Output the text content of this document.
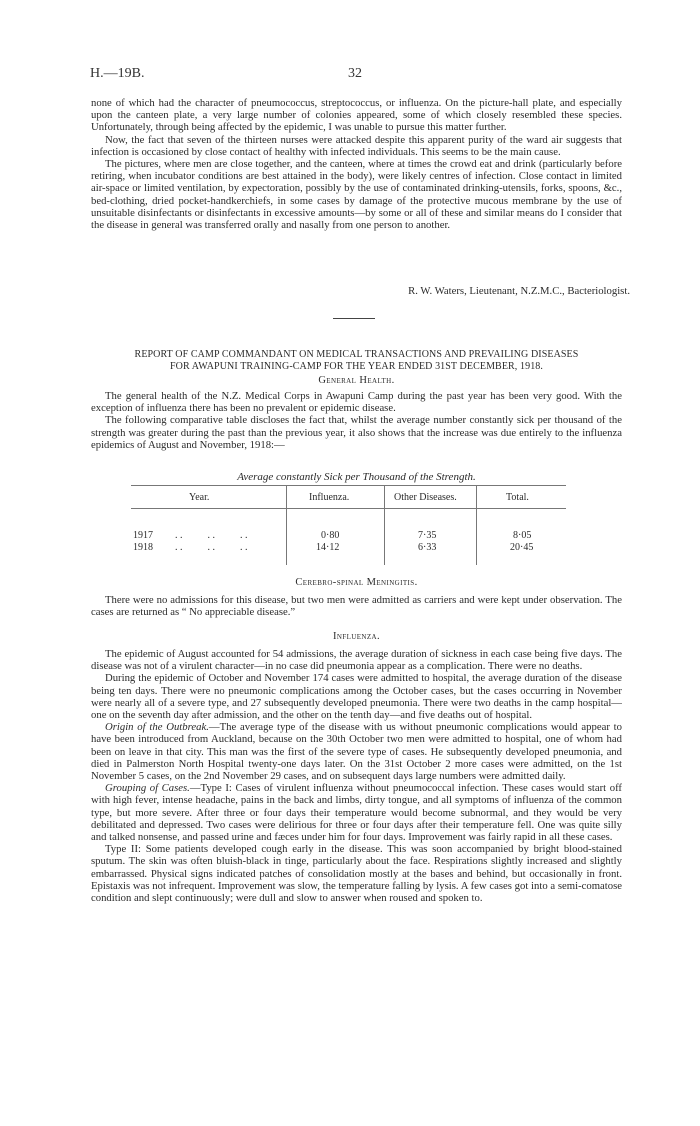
H.—19B.	32

none of which had the character of pneumococcus, streptococcus, or influenza. On the picture-hall plate, and especially upon the canteen plate, a very large number of colonies appeared, some of which closely resembled these species. Unfortunately, through being affected by the epidemic, I was unable to pursue this matter further.

Now, the fact that seven of the thirteen nurses were attacked despite this apparent purity of the ward air suggests that infection is occasioned by close contact of healthy with infected individuals. This seems to be the main cause.

The pictures, where men are close together, and the canteen, where at times the crowd eat and drink (particularly before retiring, when incubator conditions are best attained in the body), were likely centres of infection. Close contact in limited air-space or limited ventilation, by expectoration, possibly by the use of contaminated drinking-utensils, forks, spoons, &c., bed-clothing, dried pocket-handkerchiefs, in some cases by damage of the protective mucous membrane by the use of unsuitable disinfectants or disinfectants in excessive amounts—by some or all of these and similar means do I consider that the disease in general was transferred orally and nasally from one person to another.

R. W. Waters, Lieutenant, N.Z.M.C., Bacteriologist.
REPORT OF CAMP COMMANDANT ON MEDICAL TRANSACTIONS AND PREVAILING DISEASES
FOR AWAPUNI TRAINING-CAMP FOR THE YEAR ENDED 31ST DECEMBER, 1918.
General Health.

The general health of the N.Z. Medical Corps in Awapuni Camp during the past year has been very good. With the exception of influenza there has been no prevalent or epidemic disease.

The following comparative table discloses the fact that, whilst the average number constantly sick per thousand of the strength was greater during the past than the previous year, it also shows that the increase was due entirely to the influenza epidemics of August and November, 1918:—

Average constantly Sick per Thousand of the Strength.
Year.	Influenza.	Other Diseases.	Total.
1917 . .          . .          . .	0·80	7·35	8·05
1918 . .          . .          . .	14·12	6·33	20·45
Cerebro-spinal Meningitis.

There were no admissions for this disease, but two men were admitted as carriers and were kept under observation. The cases are returned as “ No appreciable disease.”

Influenza.

The epidemic of August accounted for 54 admissions, the average duration of sickness in each case being five days. The disease was not of a virulent character—in no case did pneumonia appear as a complication. There were no deaths.

During the epidemic of October and November 174 cases were admitted to hospital, the average duration of the disease being ten days. There were no pneumonic complications among the October cases, but the cases occurring in November were nearly all of a severe type, and 27 subsequently developed pneumonia. There were two deaths in the camp hospital—one on the seventh day after admission, and the other on the tenth day—and five deaths out of hospital.

Origin of the Outbreak.—The average type of the disease with us without pneumonic complications would appear to have been introduced from Auckland, because on the 30th October two men were admitted to hospital, one of whom had been on leave in that city. This man was the first of the severe type of cases. He subsequently developed pneumonia, and died in Palmerston North Hospital twenty-one days later. On the 31st October 2 more cases were admitted, on the 1st November 5 cases, on the 2nd November 29 cases, and on subsequent days large numbers were admitted daily.

Grouping of Cases.—Type I: Cases of virulent influenza without pneumococcal infection. These cases would start off with high fever, intense headache, pains in the back and limbs, dirty tongue, and all symptoms of influenza of the common type, but more severe. After three or four days their temperature would become subnormal, and they would be very debilitated and depressed. Two cases were delirious for three or four days after their temperature fell. One was quite silly and talked nonsense, and passed urine and fæces under him for four days. Improvement was fairly rapid in all these cases.

Type II: Some patients developed cough early in the disease. This was soon accompanied by bright blood-stained sputum. The skin was often bluish-black in tinge, particularly about the face. Respirations slightly increased and slightly embarrassed. Physical signs indicated patches of consolidation mostly at the bases and behind, but occasionally in front. Epistaxis was not infrequent. Improvement was slow, the temperature falling by lysis. A few cases got into a semi-comatose condition and slept continuously; were dull and slow to answer when roused and spoken to.
